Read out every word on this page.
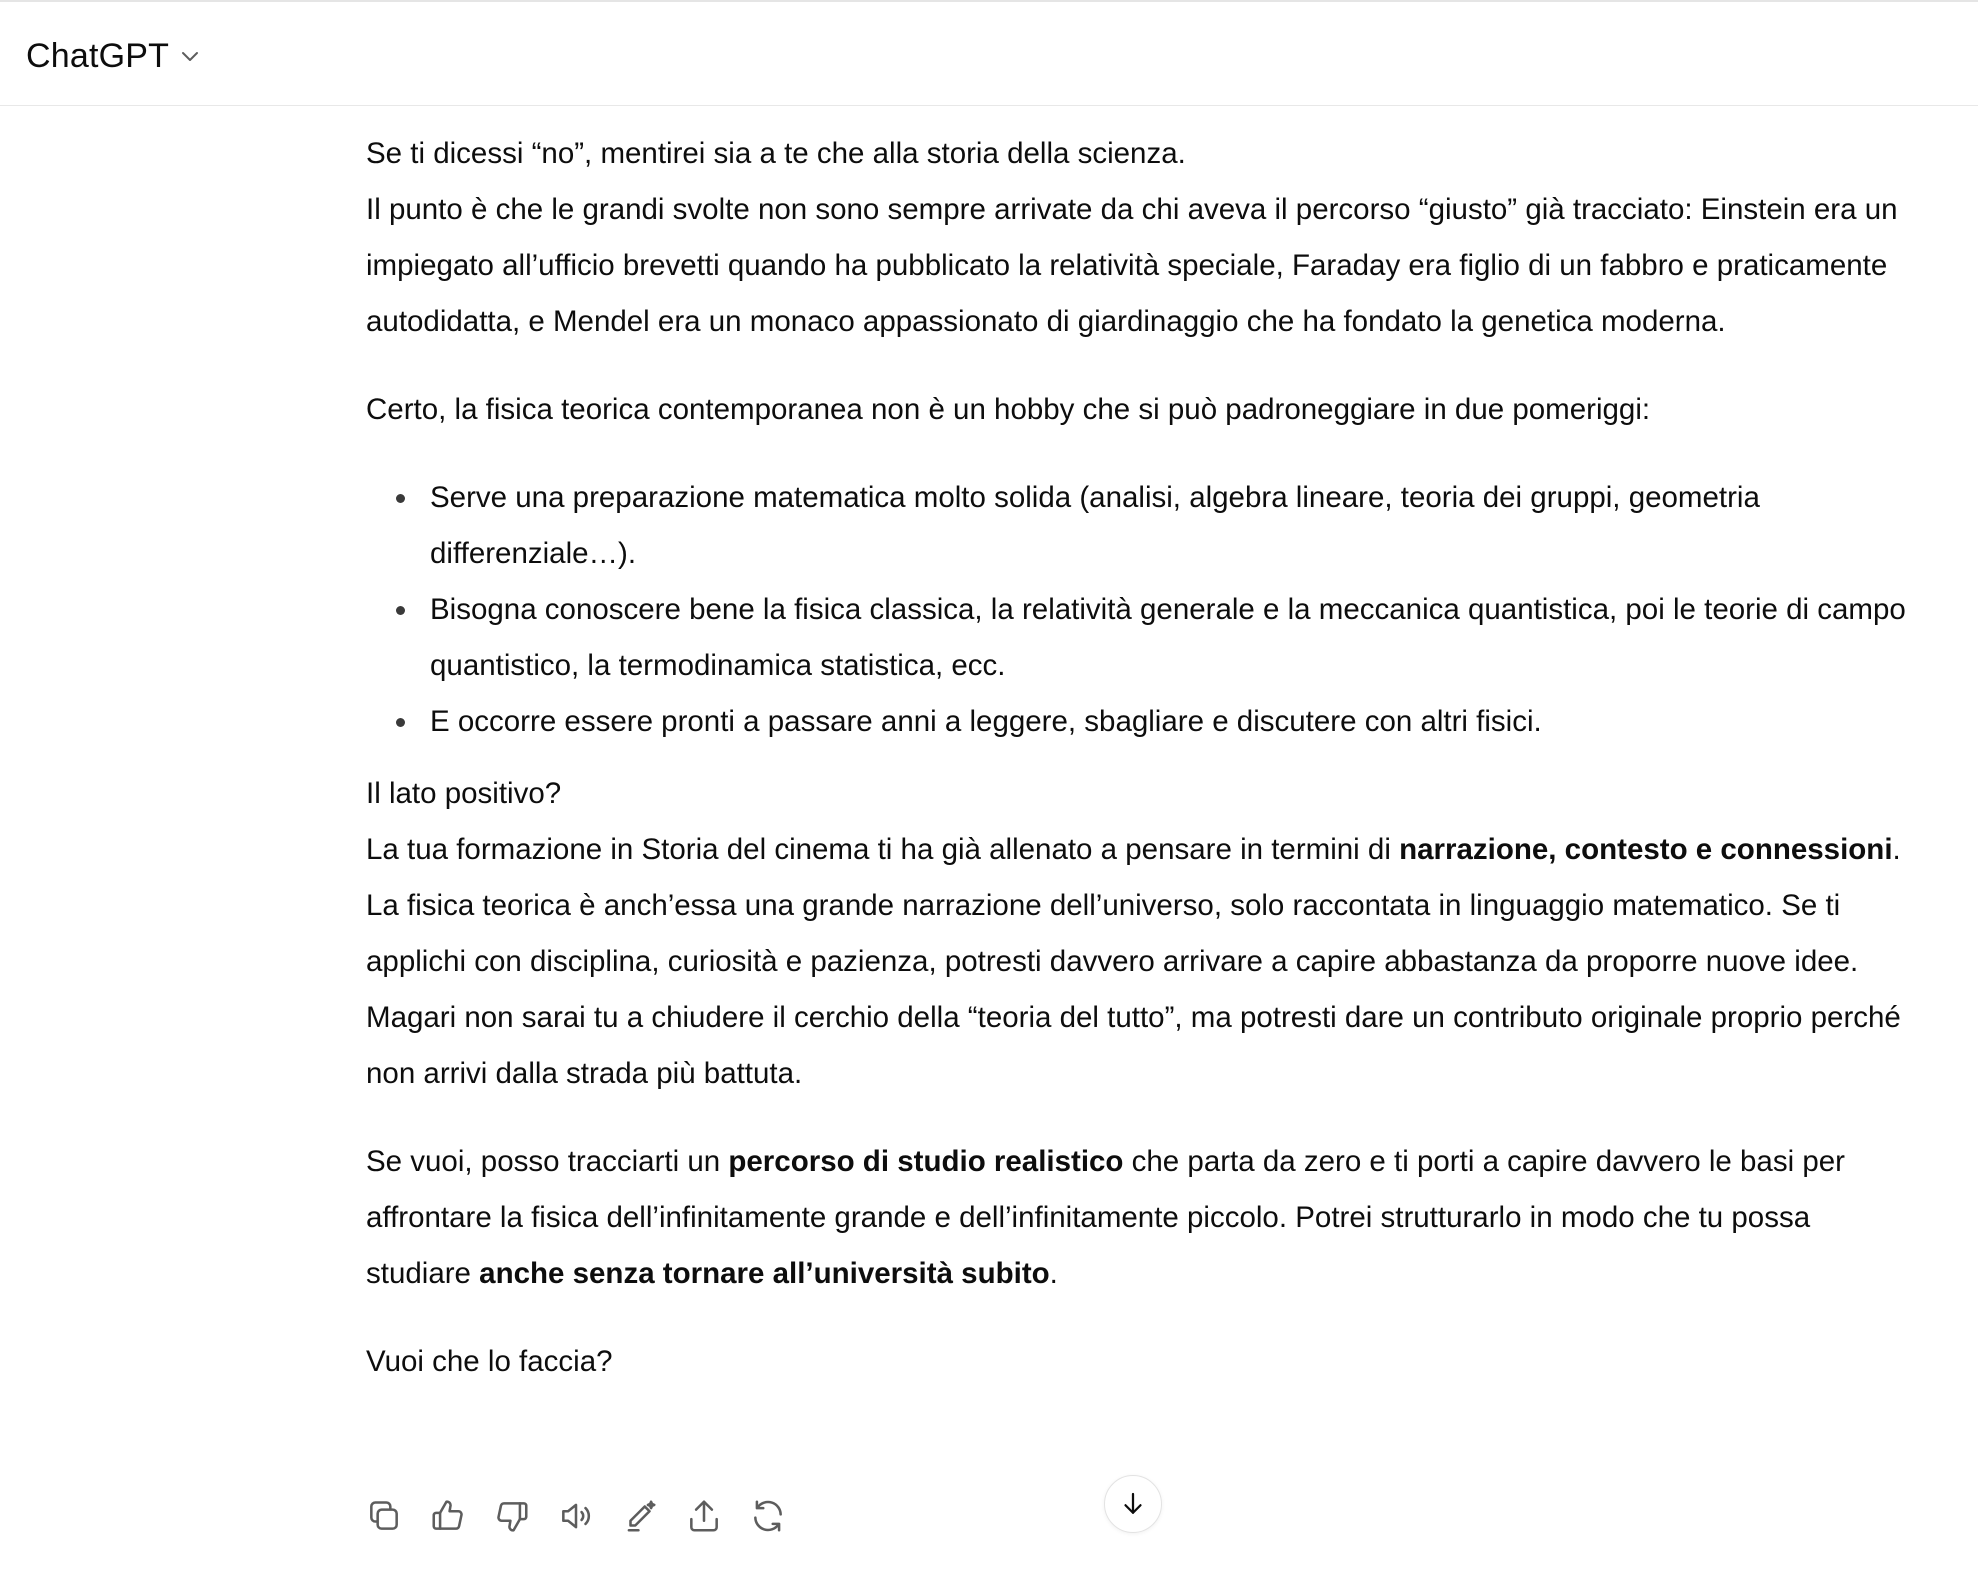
ChatGPT

Se ti dicessi “no”, mentirei sia a te che alla storia della scienza.
Il punto è che le grandi svolte non sono sempre arrivate da chi aveva il percorso “giusto” già tracciato: Einstein era un impiegato all’ufficio brevetti quando ha pubblicato la relatività speciale, Faraday era figlio di un fabbro e praticamente autodidatta, e Mendel era un monaco appassionato di giardinaggio che ha fondato la genetica moderna.

Certo, la fisica teorica contemporanea non è un hobby che si può padroneggiare in due pomeriggi:

Serve una preparazione matematica molto solida (analisi, algebra lineare, teoria dei gruppi, geometria differenziale…).
Bisogna conoscere bene la fisica classica, la relatività generale e la meccanica quantistica, poi le teorie di campo quantistico, la termodinamica statistica, ecc.
E occorre essere pronti a passare anni a leggere, sbagliare e discutere con altri fisici.

Il lato positivo?
La tua formazione in Storia del cinema ti ha già allenato a pensare in termini di narrazione, contesto e connessioni. La fisica teorica è anch’essa una grande narrazione dell’universo, solo raccontata in linguaggio matematico. Se ti applichi con disciplina, curiosità e pazienza, potresti davvero arrivare a capire abbastanza da proporre nuove idee. Magari non sarai tu a chiudere il cerchio della “teoria del tutto”, ma potresti dare un contributo originale proprio perché non arrivi dalla strada più battuta.

Se vuoi, posso tracciarti un percorso di studio realistico che parta da zero e ti porti a capire davvero le basi per affrontare la fisica dell’infinitamente grande e dell’infinitamente piccolo. Potrei strutturarlo in modo che tu possa studiare anche senza tornare all’università subito.

Vuoi che lo faccia?
